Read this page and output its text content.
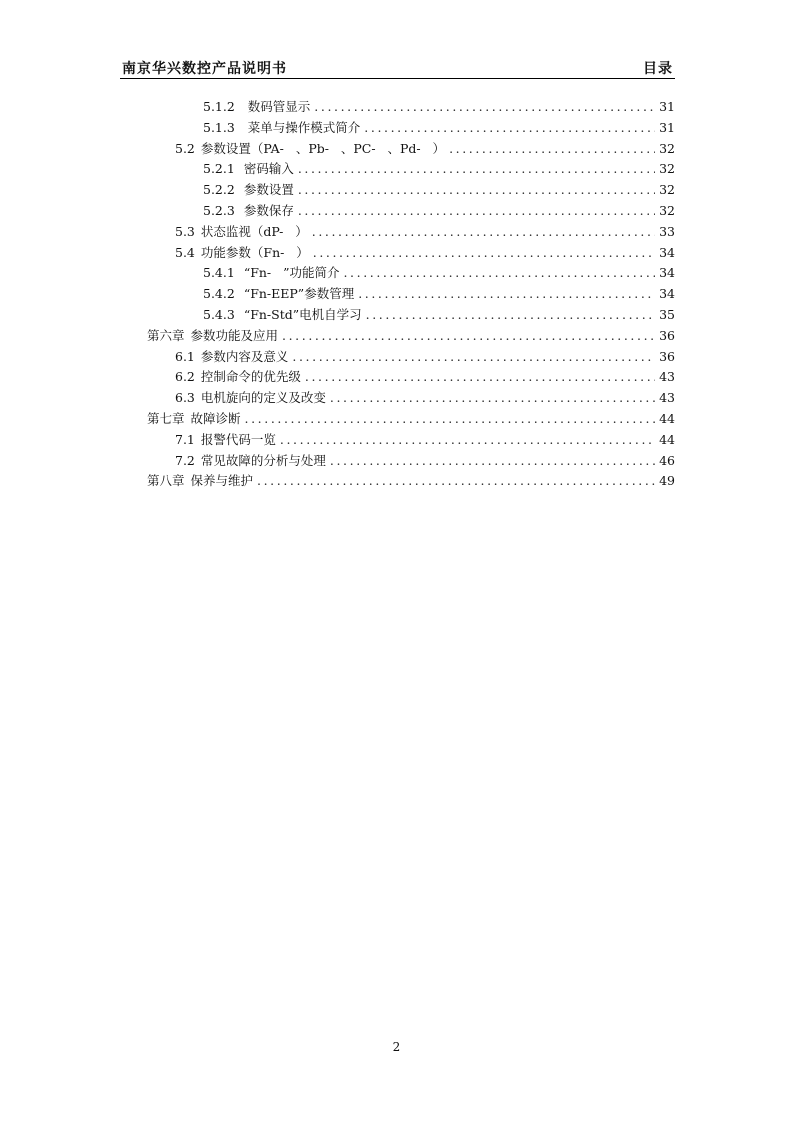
南京华兴数控产品说明书	目录
5.1.2 数码管显示 .....	31
5.1.3 菜单与操作模式简介 .....	31
5.2 参数设置（PA-   、Pb-   、PC-   、Pd-   ） .....	32
5.2.1 密码输入 .....	32
5.2.2 参数设置 .....	32
5.2.3 参数保存 .....	32
5.3 状态监视（dP-   ） .....	33
5.4 功能参数（Fn-   ） .....	34
5.4.1 “Fn-   ”功能简介 .....	34
5.4.2 “Fn-EEP”参数管理 .....	34
5.4.3 “Fn-Std”电机自学习 .....	35
第六章 参数功能及应用 .....	36
6.1 参数内容及意义 .....	36
6.2 控制命令的优先级 .....	43
6.3 电机旋向的定义及改变 .....	43
第七章 故障诊断 .....	44
7.1 报警代码一览 .....	44
7.2 常见故障的分析与处理 .....	46
第八章 保养与维护 .....	49
2
